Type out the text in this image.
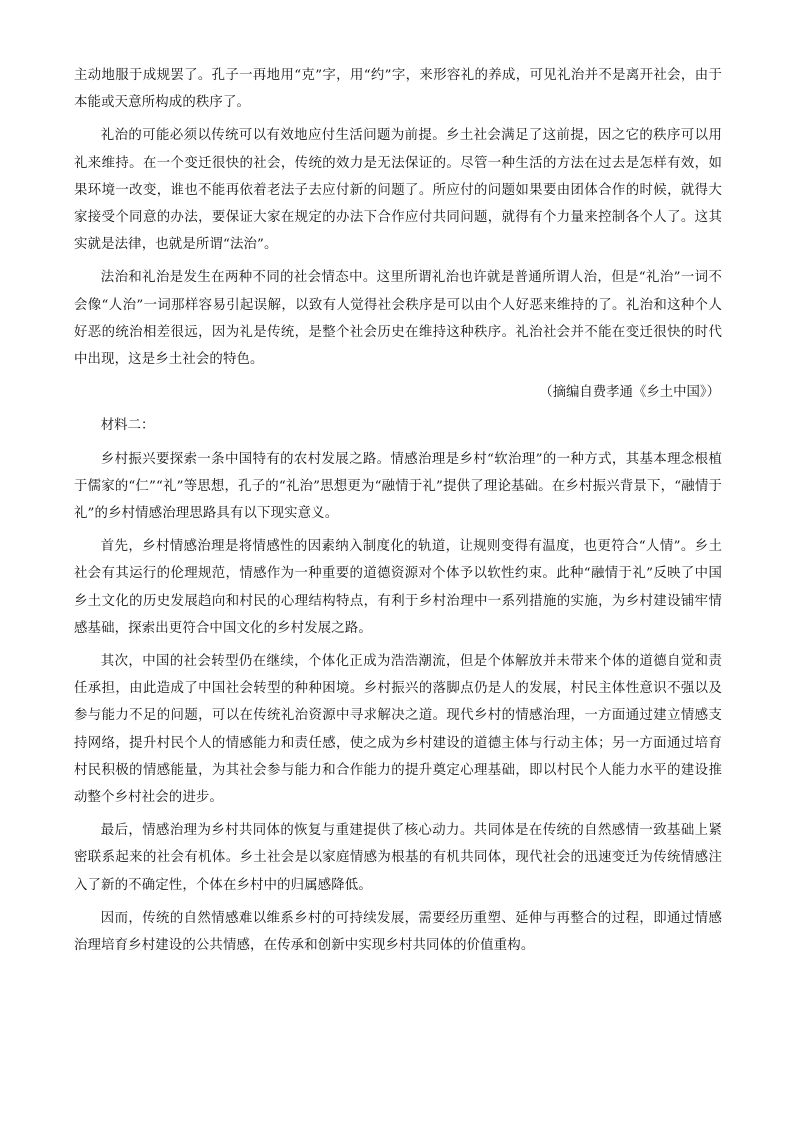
主动地服于成规罢了。孔子一再地用“克”字，用“约”字，来形容礼的养成，可见礼治并不是离开社会，由于本能或天意所构成的秩序了。

礼治的可能必须以传统可以有效地应付生活问题为前提。乡土社会满足了这前提，因之它的秩序可以用礼来维持。在一个变迁很快的社会，传统的效力是无法保证的。尽管一种生活的方法在过去是怎样有效，如果环境一改变，谁也不能再依着老法子去应付新的问题了。所应付的问题如果要由团体合作的时候，就得大家接受个同意的办法，要保证大家在规定的办法下合作应付共同问题，就得有个力量来控制各个人了。这其实就是法律，也就是所谓“法治”。

法治和礼治是发生在两种不同的社会情态中。这里所谓礼治也许就是普通所谓人治，但是“礼治”一词不会像“人治”一词那样容易引起误解，以致有人觉得社会秩序是可以由个人好恶来维持的了。礼治和这种个人好恶的统治相差很远，因为礼是传统，是整个社会历史在维持这种秩序。礼治社会并不能在变迁很快的时代中出现，这是乡土社会的特色。

（摘编自费孝通《乡土中国》）

材料二：

乡村振兴要探索一条中国特有的农村发展之路。情感治理是乡村“软治理”的一种方式，其基本理念根植于儒家的“仁”“礼”等思想，孔子的“礼治”思想更为“融情于礼”提供了理论基础。在乡村振兴背景下，“融情于礼”的乡村情感治理思路具有以下现实意义。

首先，乡村情感治理是将情感性的因素纳入制度化的轨道，让规则变得有温度，也更符合“人情”。乡土社会有其运行的伦理规范，情感作为一种重要的道德资源对个体予以软性约束。此种“融情于礼”反映了中国乡土文化的历史发展趋向和村民的心理结构特点，有利于乡村治理中一系列措施的实施，为乡村建设铺牢情感基础，探索出更符合中国文化的乡村发展之路。

其次，中国的社会转型仍在继续，个体化正成为浩浩潮流，但是个体解放并未带来个体的道德自觉和责任承担，由此造成了中国社会转型的种种困境。乡村振兴的落脚点仍是人的发展，村民主体性意识不强以及参与能力不足的问题，可以在传统礼治资源中寻求解决之道。现代乡村的情感治理，一方面通过建立情感支持网络，提升村民个人的情感能力和责任感，使之成为乡村建设的道德主体与行动主体；另一方面通过培育村民积极的情感能量，为其社会参与能力和合作能力的提升奠定心理基础，即以村民个人能力水平的建设推动整个乡村社会的进步。

最后，情感治理为乡村共同体的恢复与重建提供了核心动力。共同体是在传统的自然感情一致基础上紧密联系起来的社会有机体。乡土社会是以家庭情感为根基的有机共同体，现代社会的迅速变迁为传统情感注入了新的不确定性，个体在乡村中的归属感降低。

因而，传统的自然情感难以维系乡村的可持续发展，需要经历重塑、延伸与再整合的过程，即通过情感治理培育乡村建设的公共情感，在传承和创新中实现乡村共同体的价值重构。
